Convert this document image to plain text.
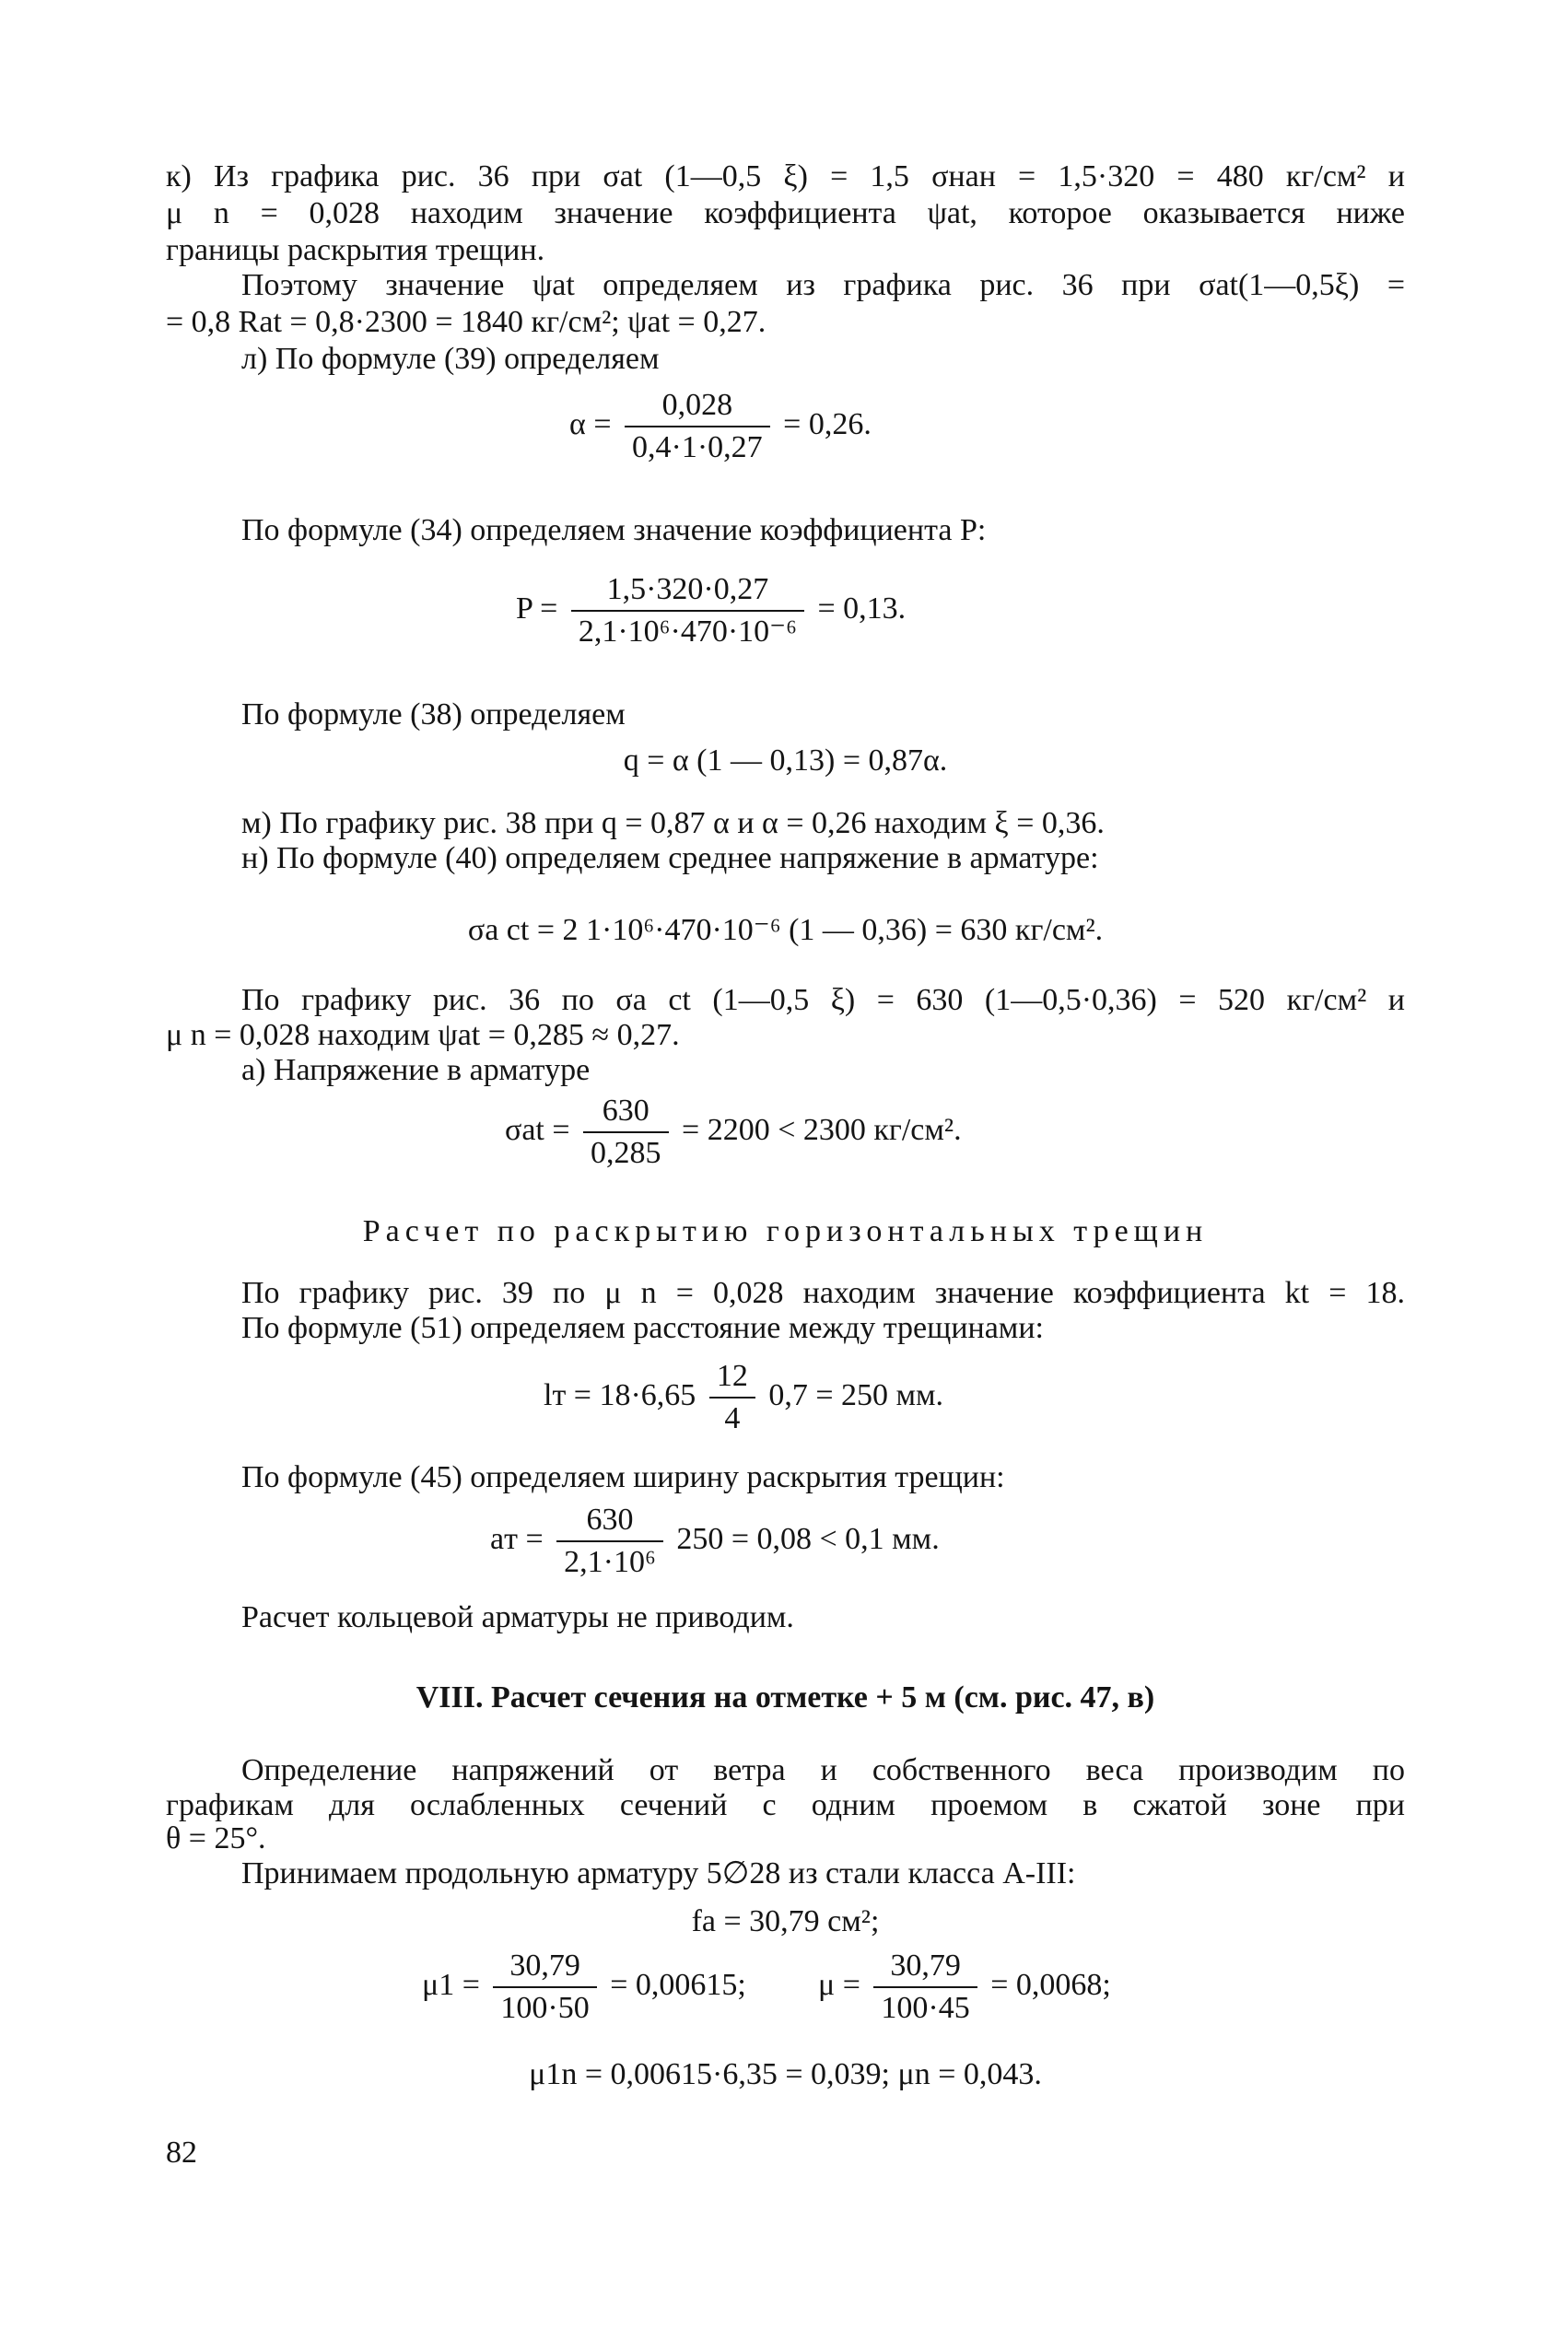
к) Из графика рис. 36 при σat (1—0,5 ξ) = 1,5 σнан = 1,5·320 = 480 кг/см² и
μ n = 0,028 находим значение коэффициента ψat, которое оказывается ниже
границы раскрытия трещин.
Поэтому значение ψat определяем из графика рис. 36 при σat(1—0,5ξ) =
= 0,8 Rat = 0,8·2300 = 1840 кг/см²; ψat = 0,27.
л) По формуле (39) определяем
$\alpha = \frac{0,028}{0,4\cdot 1\cdot 0,27} = 0,26$.
По формуле (34) определяем значение коэффициента P:
$P = \frac{1,5\cdot 320\cdot 0,27}{\text{2,1·10⁶·470·10⁻⁶}} = 0,13$.
По формуле (38) определяем
q = α (1 — 0,13) = 0,87α.
м) По графику рис. 38 при q = 0,87 α и α = 0,26 находим ξ = 0,36.
н) По формуле (40) определяем среднее напряжение в арматуре:
σa ct = 2 1·10⁶·470·10⁻⁶ (1 — 0,36) = 630 кг/см².
По графику рис. 36 по σa ct (1—0,5 ξ) = 630 (1—0,5·0,36) = 520 кг/см² и
μ n = 0,028 находим ψat = 0,285 ≈ 0,27.
а) Напряжение в арматуре
$\sigma at = \frac{630}{0,285} = 2200 < 2300$ кг/см².
Расчет по раскрытию горизонтальных трещин
По графику рис. 39 по μ n = 0,028 находим значение коэффициента kt = 18.
По формуле (51) определяем расстояние между трещинами:
lт = $18\cdot 6,65 \frac{12}{4} 0,7 = 250$ мм.
По формуле (45) определяем ширину раскрытия трещин:
aт = $\frac{630}{\text{2,1·10⁶}} 250 = 0,08 < 0,1$ мм.
Расчет кольцевой арматуры не приводим.
VIII. Расчет сечения на отметке + 5 м (см. рис. 47, в)
Определение напряжений от ветра и собственного веса производим по
графикам для ослабленных сечений с одним проемом в сжатой зоне при
θ = 25°.
Принимаем продольную арматуру 5∅28 из стали класса A-III:
fa = 30,79 см²;
$\mu 1 = \frac{30,79}{100\cdot 50} = 0,00615$; $\mu = \frac{30,79}{100\cdot 45} = 0,0068$;
μ1n = 0,00615·6,35 = 0,039; μn = 0,043.
82
